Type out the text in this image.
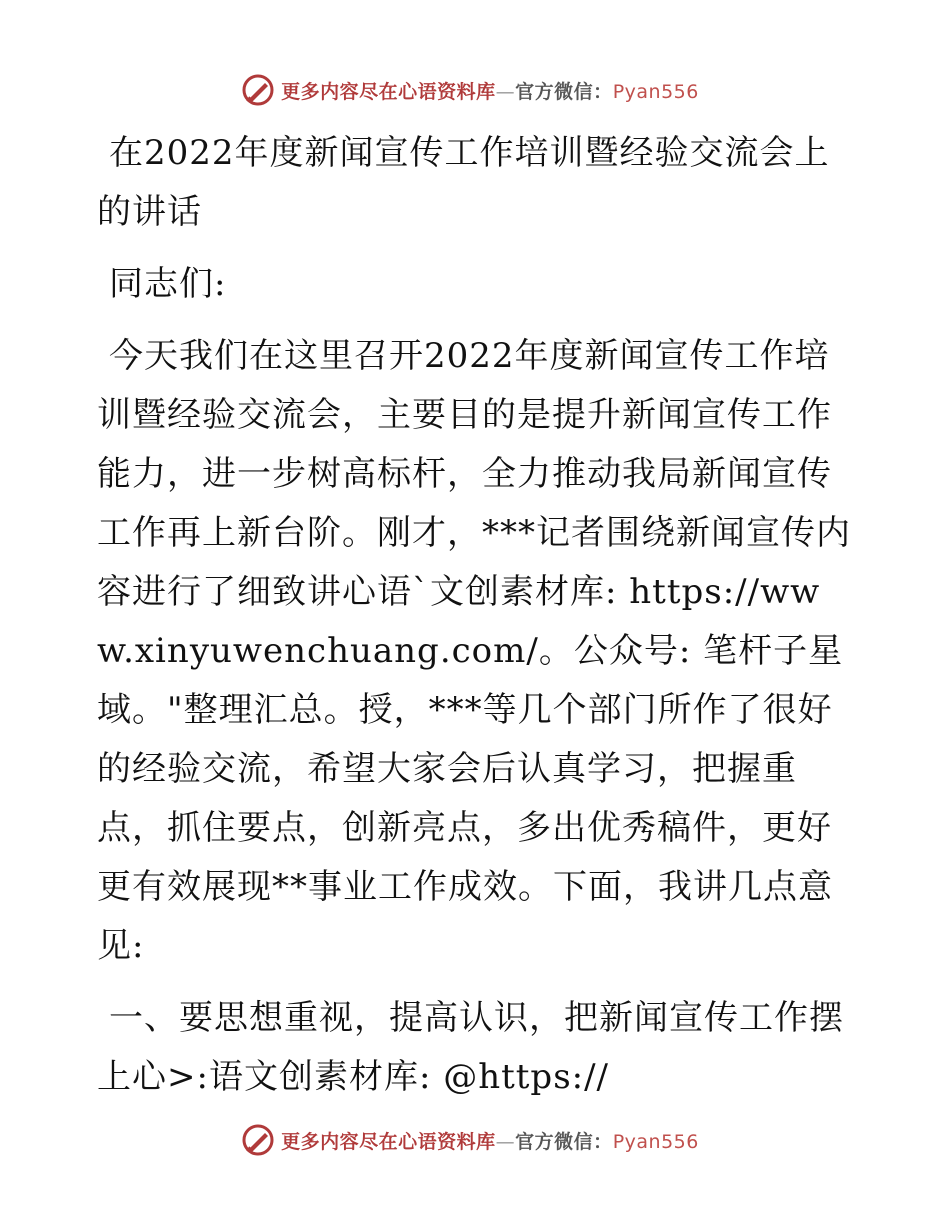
更多内容尽在心语资料库—官方微信：Pyan556

在2022年度新闻宣传工作培训暨经验交流会上的讲话

同志们:

今天我们在这里召开2022年度新闻宣传工作培训暨经验交流会，主要目的是提升新闻宣传工作能力，进一步树高标杆，全力推动我局新闻宣传工作再上新台阶。刚才，***记者围绕新闻宣传内容进行了细致讲心语`文创素材库: https://www.xinyuwenchuang.com/。公众号: 笔杆子星域。"整理汇总。授，***等几个部门所作了很好的经验交流，希望大家会后认真学习，把握重点，抓住要点，创新亮点，多出优秀稿件，更好更有效展现**事业工作成效。下面，我讲几点意见:

一、要思想重视，提高认识，把新闻宣传工作摆上心>:语文创素材库: @https://

更多内容尽在心语资料库—官方微信：Pyan556
